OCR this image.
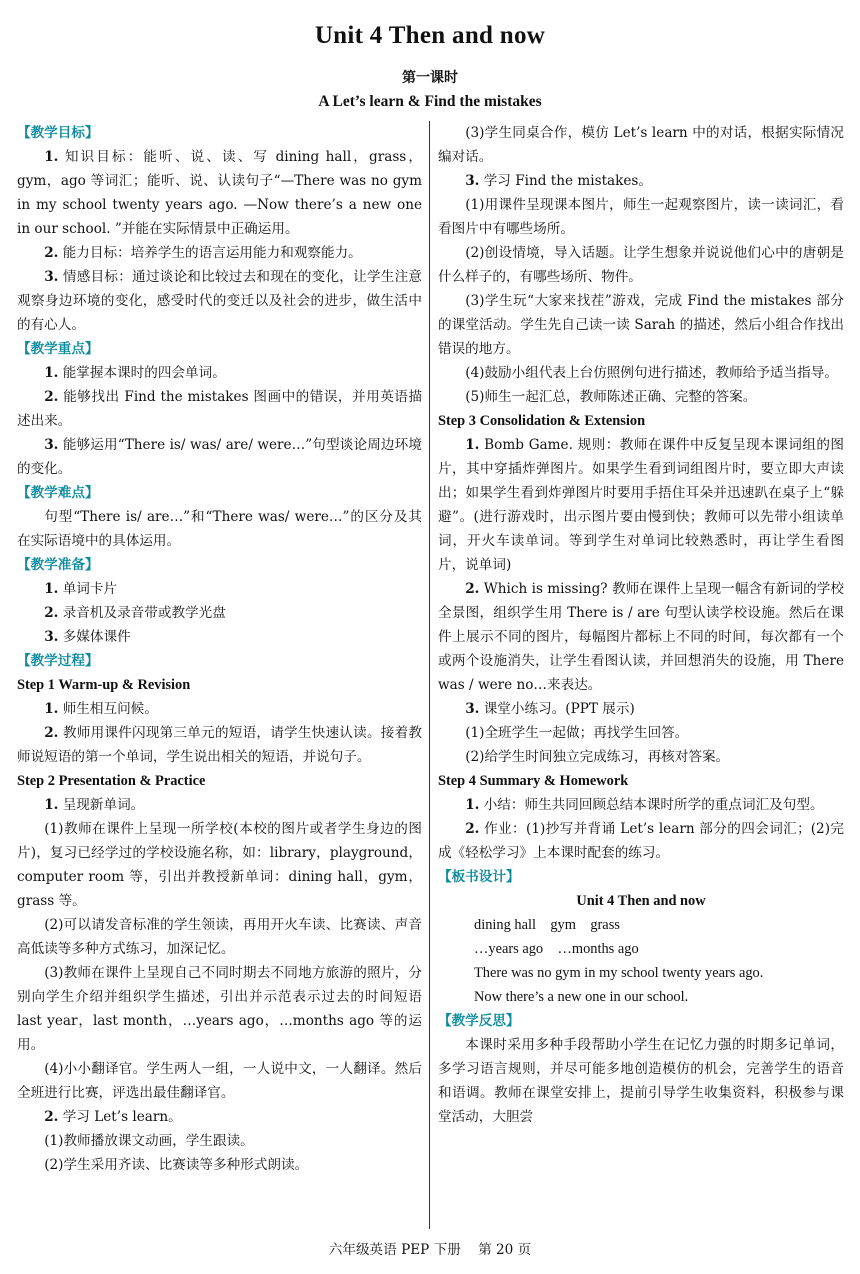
Unit 4 Then and now
第一课时
A Let’s learn & Find the mistakes
【教学目标】

1. 知识目标：能听、说、读、写 dining hall，grass，gym，ago 等词汇；能听、说、认读句子“—There was no gym in my school twenty years ago. —Now there’s a new one in our school. ”并能在实际情景中正确运用。

2. 能力目标：培养学生的语言运用能力和观察能力。

3. 情感目标：通过谈论和比较过去和现在的变化，让学生注意观察身边环境的变化，感受时代的变迁以及社会的进步，做生活中的有心人。

【教学重点】

1. 能掌握本课时的四会单词。

2. 能够找出 Find the mistakes 图画中的错误，并用英语描述出来。

3. 能够运用“There is/ was/ are/ were…”句型谈论周边环境的变化。

【教学难点】

句型“There is/ are…”和“There was/ were…”的区分及其在实际语境中的具体运用。

【教学准备】

1. 单词卡片

2. 录音机及录音带或教学光盘

3. 多媒体课件

【教学过程】
Step 1 Warm-up & Revision

1. 师生相互问候。

2. 教师用课件闪现第三单元的短语，请学生快速认读。接着教师说短语的第一个单词，学生说出相关的短语，并说句子。

Step 2 Presentation & Practice

1. 呈现新单词。

(1)教师在课件上呈现一所学校(本校的图片或者学生身边的图片)，复习已经学过的学校设施名称，如：library，playground，computer room 等，引出并教授新单词：dining hall，gym，grass 等。

(2)可以请发音标准的学生领读，再用开火车读、比赛读、声音高低读等多种方式练习，加深记忆。

(3)教师在课件上呈现自己不同时期去不同地方旅游的照片，分别向学生介绍并组织学生描述，引出并示范表示过去的时间短语 last year，last month，…years ago，…months ago 等的运用。

(4)小小翻译官。学生两人一组，一人说中文，一人翻译。然后全班进行比赛，评选出最佳翻译官。

2. 学习 Let’s learn。

(1)教师播放课文动画，学生跟读。

(2)学生采用齐读、比赛读等多种形式朗读。

(3)学生同桌合作，模仿 Let’s learn 中的对话，根据实际情况编对话。

3. 学习 Find the mistakes。

(1)用课件呈现课本图片，师生一起观察图片，读一读词汇，看看图片中有哪些场所。

(2)创设情境，导入话题。让学生想象并说说他们心中的唐朝是什么样子的，有哪些场所、物件。

(3)学生玩“大家来找茬”游戏，完成 Find the mistakes 部分的课堂活动。学生先自己读一读 Sarah 的描述，然后小组合作找出错误的地方。

(4)鼓励小组代表上台仿照例句进行描述，教师给予适当指导。

(5)师生一起汇总，教师陈述正确、完整的答案。

Step 3 Consolidation & Extension

1. Bomb Game. 规则：教师在课件中反复呈现本课词组的图片，其中穿插炸弹图片。如果学生看到词组图片时，要立即大声读出；如果学生看到炸弹图片时要用手捂住耳朵并迅速趴在桌子上“躲避”。(进行游戏时，出示图片要由慢到快；教师可以先带小组读单词，开火车读单词。等到学生对单词比较熟悉时，再让学生看图片，说单词)

2. Which is missing? 教师在课件上呈现一幅含有新词的学校全景图，组织学生用 There is / are 句型认读学校设施。然后在课件上展示不同的图片，每幅图片都标上不同的时间，每次都有一个或两个设施消失，让学生看图认读，并回想消失的设施，用 There was / were no…来表达。

3. 课堂小练习。(PPT 展示)

(1)全班学生一起做；再找学生回答。

(2)给学生时间独立完成练习，再核对答案。

Step 4 Summary & Homework

1. 小结：师生共同回顾总结本课时所学的重点词汇及句型。

2. 作业：(1)抄写并背诵 Let’s learn 部分的四会词汇；(2)完成《轻松学习》上本课时配套的练习。

【板书设计】
Unit 4 Then and now
dining hall    gym    grass
…years ago    …months ago
There was no gym in my school twenty years ago.
Now there’s a new one in our school.
【教学反思】

本课时采用多种手段帮助小学生在记忆力强的时期多记单词，多学习语言规则，并尽可能多地创造模仿的机会，完善学生的语音和语调。教师在课堂安排上，提前引导学生收集资料，积极参与课堂活动，大胆尝

六年级英语 PEP 下册    第 20 页
